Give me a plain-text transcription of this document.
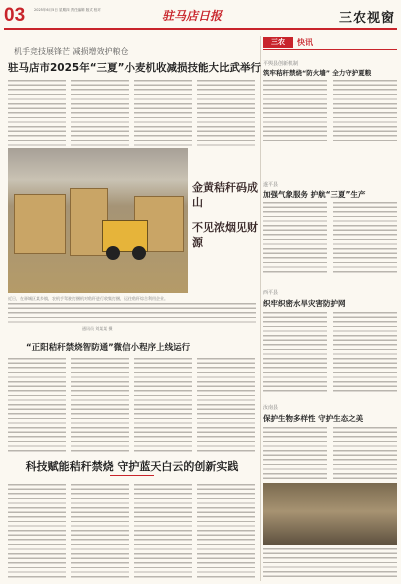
03	2025年6月5日 星期四 责任编辑 版式 校对	驻马店日报	三农视窗
机手竞技展锋芒 减损增效护粮仓
驻马店市2025年“三夏”小麦机收减损技能大比武举行
金黄秸秆码成山
不见浓烟见财源
近日，在驿城区某乡镇，农机手驾驶打捆机对秸秆进行收集打捆，运往秸秆综合利用企业。
通讯员 刘某某 摄
“正阳秸秆禁烧智防通”微信小程序上线运行
科技赋能秸秆禁烧 守护蓝天白云的创新实践
三农	快讯
平舆县创新机制
筑牢秸秆禁烧“防火墙” 全力守护夏粮
遂平县
加强气象服务 护航“三夏”生产
西平县
织牢织密水旱灾害防护网
汝南县
保护生物多样性 守护生态之美
